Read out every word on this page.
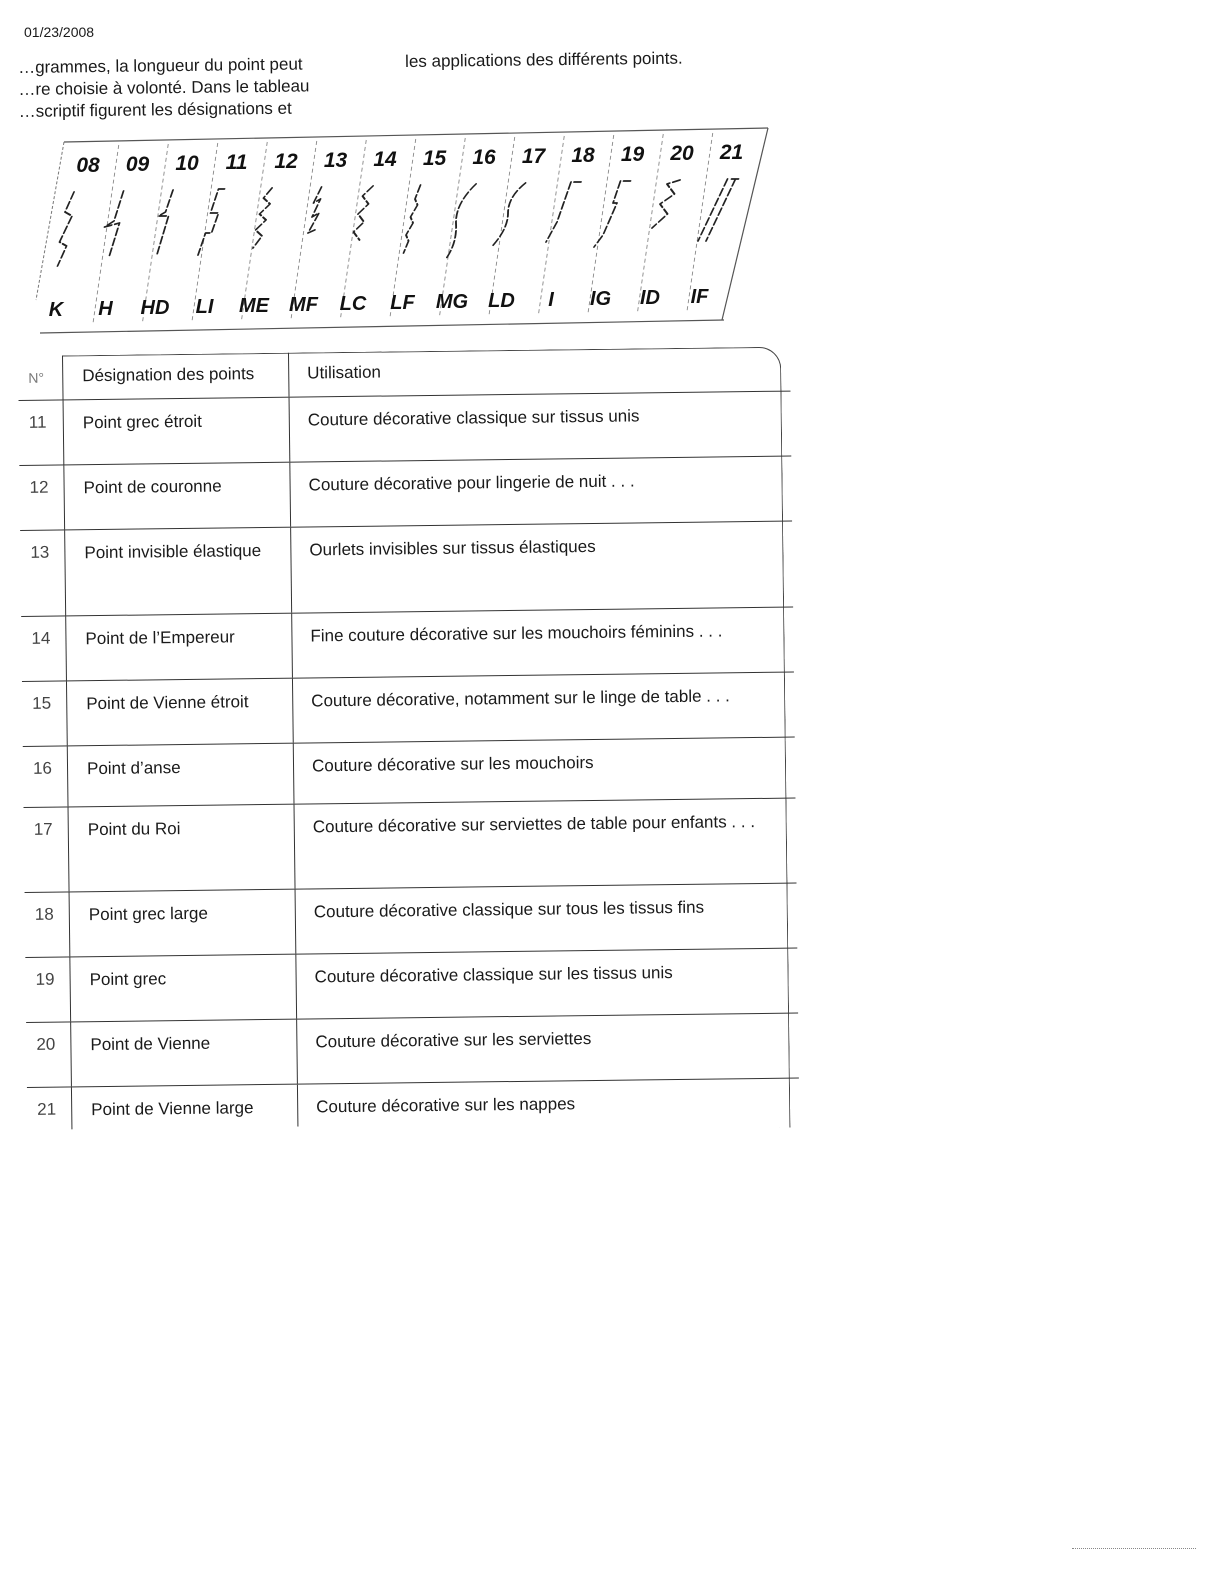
01/23/2008
…grammes, la longueur du point peut
…re choisie à volonté. Dans le tableau
…scriptif figurent les désignations et
les applications des différents points.
08 09 10 11 12 13 14 15 16 17 18 19 20 21
K H HD LI ME MF LC LF MG LD I IG ID IF
N°	Désignation des points	Utilisation
11	Point grec étroit	Couture décorative classique sur tissus unis
12	Point de couronne	Couture décorative pour lingerie de nuit . . .
13	Point invisible élastique	Ourlets invisibles sur tissus élastiques
14	Point de l’Empereur	Fine couture décorative sur les mouchoirs féminins . . .
15	Point de Vienne étroit	Couture décorative, notamment sur le linge de table . . .
16	Point d’anse	Couture décorative sur les mouchoirs
17	Point du Roi	Couture décorative sur serviettes de table pour enfants . . .
18	Point grec large	Couture décorative classique sur tous les tissus fins
19	Point grec	Couture décorative classique sur les tissus unis
20	Point de Vienne	Couture décorative sur les serviettes
21	Point de Vienne large	Couture décorative sur les nappes
